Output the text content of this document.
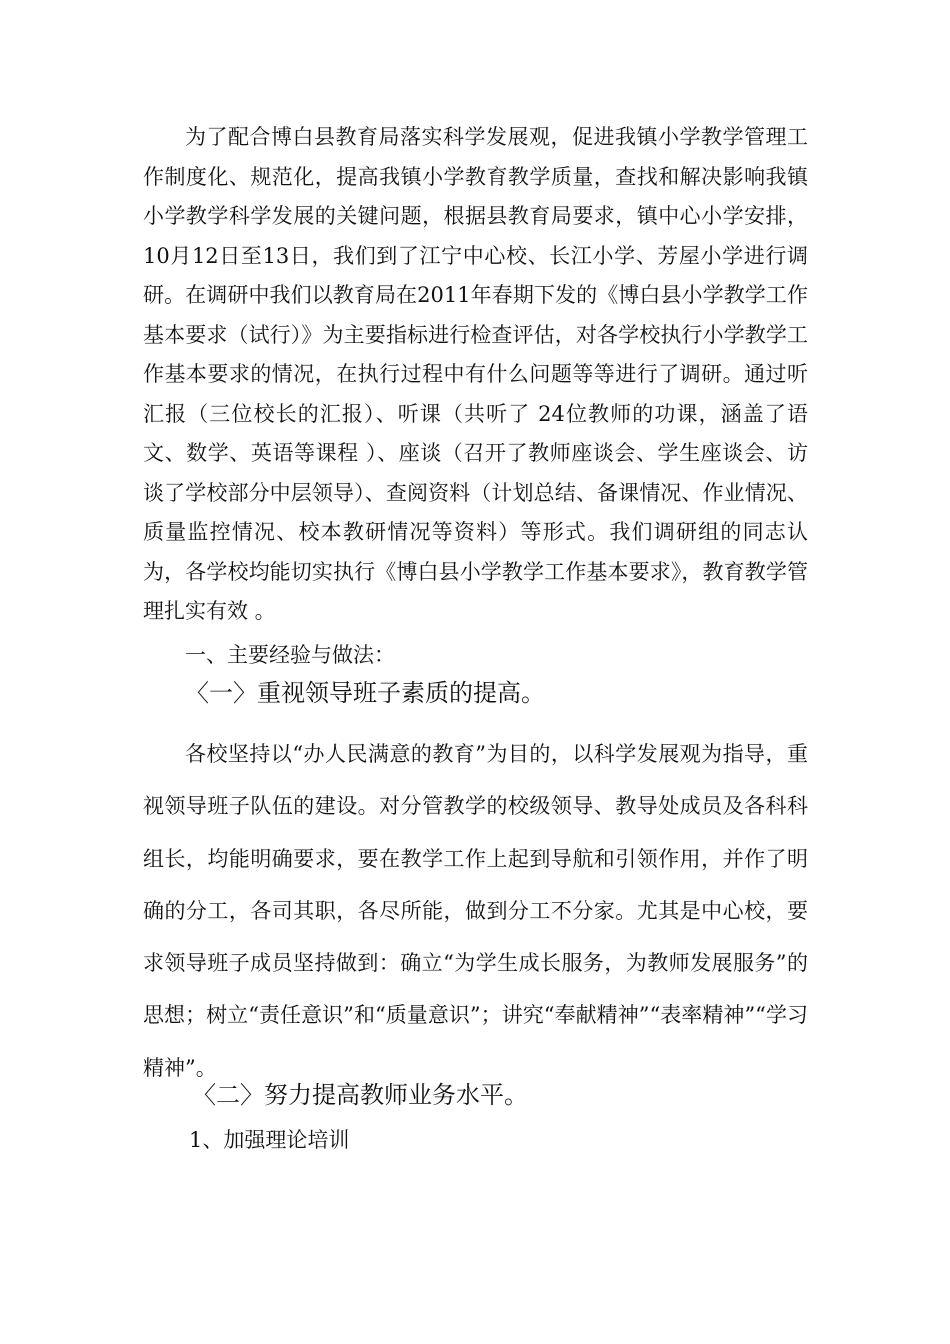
为了配合博白县教育局落实科学发展观，促进我镇小学教学管理工作制度化、规范化，提高我镇小学教育教学质量，查找和解决影响我镇小学教学科学发展的关键问题，根据县教育局要求，镇中心小学安排，10月12日至13日，我们到了江宁中心校、长江小学、芳屋小学进行调研。在调研中我们以教育局在2011年春期下发的《博白县小学教学工作基本要求（试行）》为主要指标进行检查评估，对各学校执行小学教学工作基本要求的情况，在执行过程中有什么问题等等进行了调研。通过听汇报（三位校长的汇报）、听课（共听了 24位教师的功课，涵盖了语文、数学、英语等课程 ）、座谈（召开了教师座谈会、学生座谈会、访谈了学校部分中层领导）、查阅资料（计划总结、备课情况、作业情况、质量监控情况、校本教研情况等资料）等形式。我们调研组的同志认为，各学校均能切实执行《博白县小学教学工作基本要求》，教育教学管理扎实有效 。

一、主要经验与做法：

〈一〉重视领导班子素质的提高。

各校坚持以“办人民满意的教育”为目的，以科学发展观为指导，重视领导班子队伍的建设。对分管教学的校级领导、教导处成员及各科科组长，均能明确要求，要在教学工作上起到导航和引领作用，并作了明确的分工，各司其职，各尽所能，做到分工不分家。尤其是中心校，要求领导班子成员坚持做到：确立“为学生成长服务，为教师发展服务”的思想；树立“责任意识”和“质量意识”；讲究“奉献精神”“表率精神”“学习精神”。

〈二〉努力提高教师业务水平。

1、加强理论培训
